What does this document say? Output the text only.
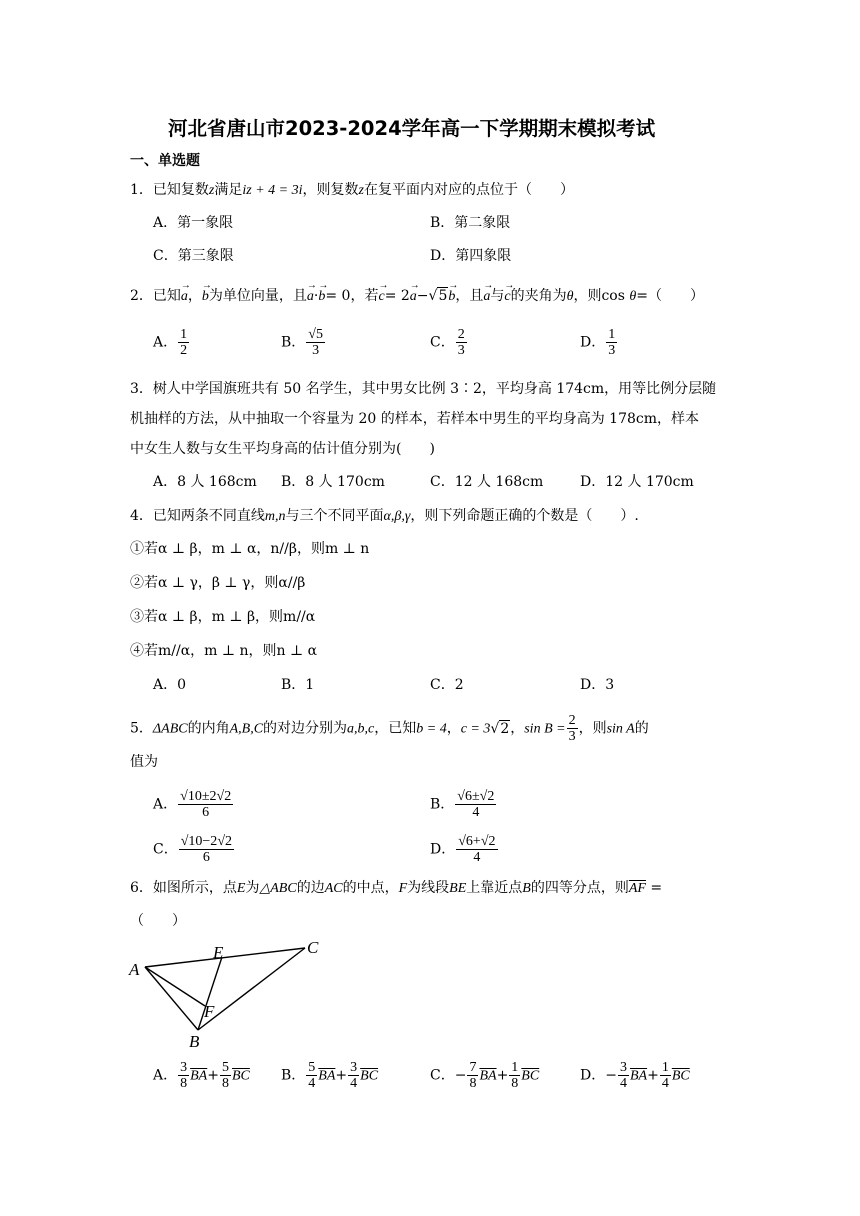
河北省唐山市2023-2024学年高一下学期期末模拟考试
一、单选题
1．已知复数z满足iz + 4 = 3i，则复数z在复平面内对应的点位于（　　）
A．第一象限	B．第二象限
C．第三象限	D．第四象限
2．已知→ a，→ b为单位向量，且→ a·→ b= 0，若→ c= 2→ a−√5→ b，且→ a与→ c的夹角为θ，则cos θ=（　　）
A． $\frac{1}{2}$	B． $\frac{√5}{3}$	C． $\frac{2}{3}$	D． $\frac{1}{3}$
3．树人中学国旗班共有 50 名学生，其中男女比例 3∶2，平均身高 174cm，用等比例分层随
机抽样的方法，从中抽取一个容量为 20 的样本，若样本中男生的平均身高为 178cm，样本
中女生人数与女生平均身高的估计值分别为(　　)
A．8 人 168cm B．8 人 170cm	C．12 人 168cm	D．12 人 170cm
4．已知两条不同直线m,n与三个不同平面α,β,γ，则下列命题正确的个数是（　　）.
①若α ⊥ β，m ⊥ α，n//β，则m ⊥ n
②若α ⊥ γ，β ⊥ γ，则α//β
③若α ⊥ β，m ⊥ β，则m//α
④若m//α，m ⊥ n，则n ⊥ α
A．0	B．1	C．2	D．3
5．ΔABC的内角A,B,C的对边分别为a,b,c，已知b = 4，c = 3√2，$\sin B = \frac{2}{3}$ ，则sin A的
值为
A． $\frac{√10\pm 2√2}{6}$	B． $\frac{√6\pm√2}{4}$
C． $\frac{√10-2√2}{6}$	D． $\frac{√6+√2}{4}$
6．如图所示，点E为△ABC的边AC的中点，F为线段BE上靠近点B的四等分点，则$\overline{AF}$ =
（　　）
A
E	C
F
B
A． $\frac{3}{8} \overline{BA}+ \frac{5}{8} \overline{BC}$ B． $\frac{5}{4} \overline{BA}+ \frac{3}{4} \overline{BC}$	C．− $\frac{7}{8} \overline{BA}+ \frac{1}{8} \overline{BC}$	D．− $\frac{3}{4} \overline{BA}+ \frac{1}{4} \overline{BC}$
